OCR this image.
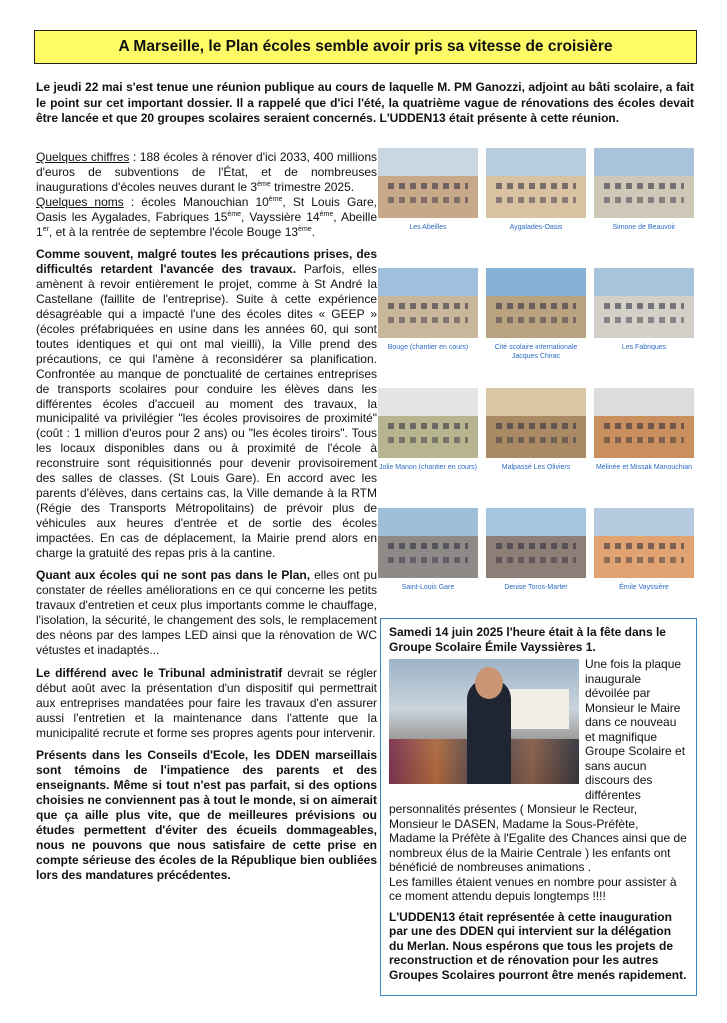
A Marseille, le Plan écoles semble avoir pris sa vitesse de croisière
Le jeudi 22 mai s'est tenue une réunion publique au cours de laquelle M. PM Ganozzi, adjoint au bâti scolaire, a fait le point sur cet important dossier. Il a rappelé que d'ici l'été, la quatrième vague de rénovations des écoles devait être lancée et que 20 groupes scolaires seraient concernés. L'UDDEN13 était présente à cette réunion.

Quelques chiffres : 188 écoles à rénover d'ici 2033, 400 millions d'euros de subventions de l'État, et de nombreuses inaugurations d'écoles neuves durant le 3ème trimestre 2025.

Quelques noms : écoles Manouchian 10ème, St Louis Gare, Oasis les Aygalades, Fabriques 15ème, Vayssière 14ème, Abeille 1er, et à la rentrée de septembre l'école Bouge 13ème.

Comme souvent, malgré toutes les précautions prises, des difficultés retardent l'avancée des travaux. Parfois, elles amènent à revoir entièrement le projet, comme à St André la Castellane (faillite de l'entreprise). Suite à cette expérience désagréable qui a impacté l'une des écoles dites « GEEP » (écoles préfabriquées en usine dans les années 60, qui sont toutes identiques et qui ont mal vieilli), la Ville prend des précautions, ce qui l'amène à reconsidérer sa planification. Confrontée au manque de ponctualité de certaines entreprises de transports scolaires pour conduire les élèves dans les différentes écoles d'accueil au moment des travaux, la municipalité va privilégier "les écoles provisoires de proximité" (coût : 1 million d'euros pour 2 ans) ou "les écoles tiroirs". Tous les locaux disponibles dans ou à proximité de l'école à reconstruire sont réquisitionnés pour devenir provisoirement des salles de classes. (St Louis Gare). En accord avec les parents d'élèves, dans certains cas, la Ville demande à la RTM (Régie des Transports Métropolitains) de prévoir plus de véhicules aux heures d'entrée et de sortie des écoles impactées. En cas de déplacement, la Mairie prend alors en charge la gratuité des repas pris à la cantine.

Quant aux écoles qui ne sont pas dans le Plan, elles ont pu constater de réelles améliorations en ce qui concerne les petits travaux d'entretien et ceux plus importants comme le chauffage, l'isolation, la sécurité, le changement des sols, le remplacement des néons par des lampes LED ainsi que la rénovation de WC vétustes et inadaptés...

Le différend avec le Tribunal administratif devrait se régler début août avec la présentation d'un dispositif qui permettrait aux entreprises mandatées pour faire les travaux d'en assurer aussi l'entretien et la maintenance dans l'attente que la municipalité recrute et forme ses propres agents pour intervenir.

Présents dans les Conseils d'Ecole, les DDEN marseillais sont témoins de l'impatience des parents et des enseignants. Même si tout n'est pas parfait, si des options choisies ne conviennent pas à tout le monde, si on aimerait que ça aille plus vite, que de meilleures prévisions ou études permettent d'éviter des écueils dommageables, nous ne pouvons que nous satisfaire de cette prise en compte sérieuse des écoles de la République bien oubliées lors des mandatures précédentes.

Les Abeilles	Aygalades-Oasis	Simone de Beauvoir
Bouge (chantier en cours)	Cité scolaire internationale Jacques Chirac
Les Fabriques
Jolie Manon (chantier en cours)	Malpassé Les Oliviers	Mélinée et Missak Manouchian
Saint-Louis Gare	Denise Toros-Marter	Émile Vayssière
Samedi 14 juin 2025 l'heure était à la fête dans le Groupe Scolaire Émile Vayssières 1.

Une fois la plaque inaugurale dévoilée par Monsieur le Maire dans ce nouveau et magnifique Groupe Scolaire et sans aucun discours des différentes personnalités présentes ( Monsieur le Recteur, Monsieur le DASEN, Madame la Sous-Préfète, Madame la Préfète à l'Egalite des Chances ainsi que de nombreux élus de la Mairie Centrale ) les enfants ont bénéficié de nombreuses animations .

Les familles étaient venues en nombre pour assister à ce moment attendu depuis longtemps !!!!

L'UDDEN13 était représentée à cette inauguration par une des DDEN qui intervient sur la délégation du Merlan. Nous espérons que tous les projets de reconstruction et de rénovation pour les autres Groupes Scolaires pourront être menés rapidement.
